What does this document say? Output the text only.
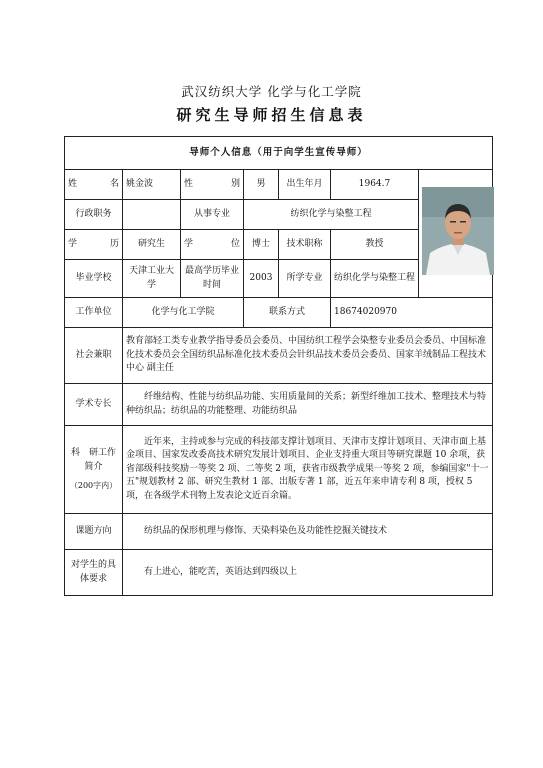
武汉纺织大学 化学与化工学院
研究生导师招生信息表
导师个人信息（用于向学生宣传导师）						
姓　名	姚金波	性　别	男	出生年月	1964.7	

行政职务		从事专业	纺织化学与染整工程			
学　历	研究生	学　位	博士	技术职称	教授	
毕业学校	天津工业大学	最高学历毕业时间	2003	所学专业	纺织化学与染整工程	
工作单位	化学与化工学院		联系方式		18674020970	
社会兼职	教育部轻工类专业教学指导委员会委员、中国纺织工程学会染整专业委员会委员、中国标准化技术委员会全国纺织品标准化技术委员会针织品技术委员会委员、国家羊绒制品工程技术中心 副主任					
学术专长	纤维结构、性能与纺织品功能、实用质量间的关系；新型纤维加工技术、整理技术与特种纺织品；纺织品的功能整理、功能纺织品					

科　研工作简介
（200字内）	近年来，主持或参与完成的科技部支撑计划项目、天津市支撑计划项目、天津市面上基金项目、国家发改委高技术研究发展计划项目、企业支持重大项目等研究课题 10 余项，获省部级科技奖励一等奖 2 项、二等奖 2 项，获省市级教学成果一等奖 2 项，参编国家"十一五"规划教材 2 部、研究生教材 1 部、出版专著 1 部，近五年来申请专利 8 项，授权 5 项，在各级学术刊物上发表论文近百余篇。					
课题方向	纺织品的保形机理与修饰、天染料染色及功能性挖掘关键技术					
对学生的具体要求	有上进心，能吃苦，英语达到四级以上					
